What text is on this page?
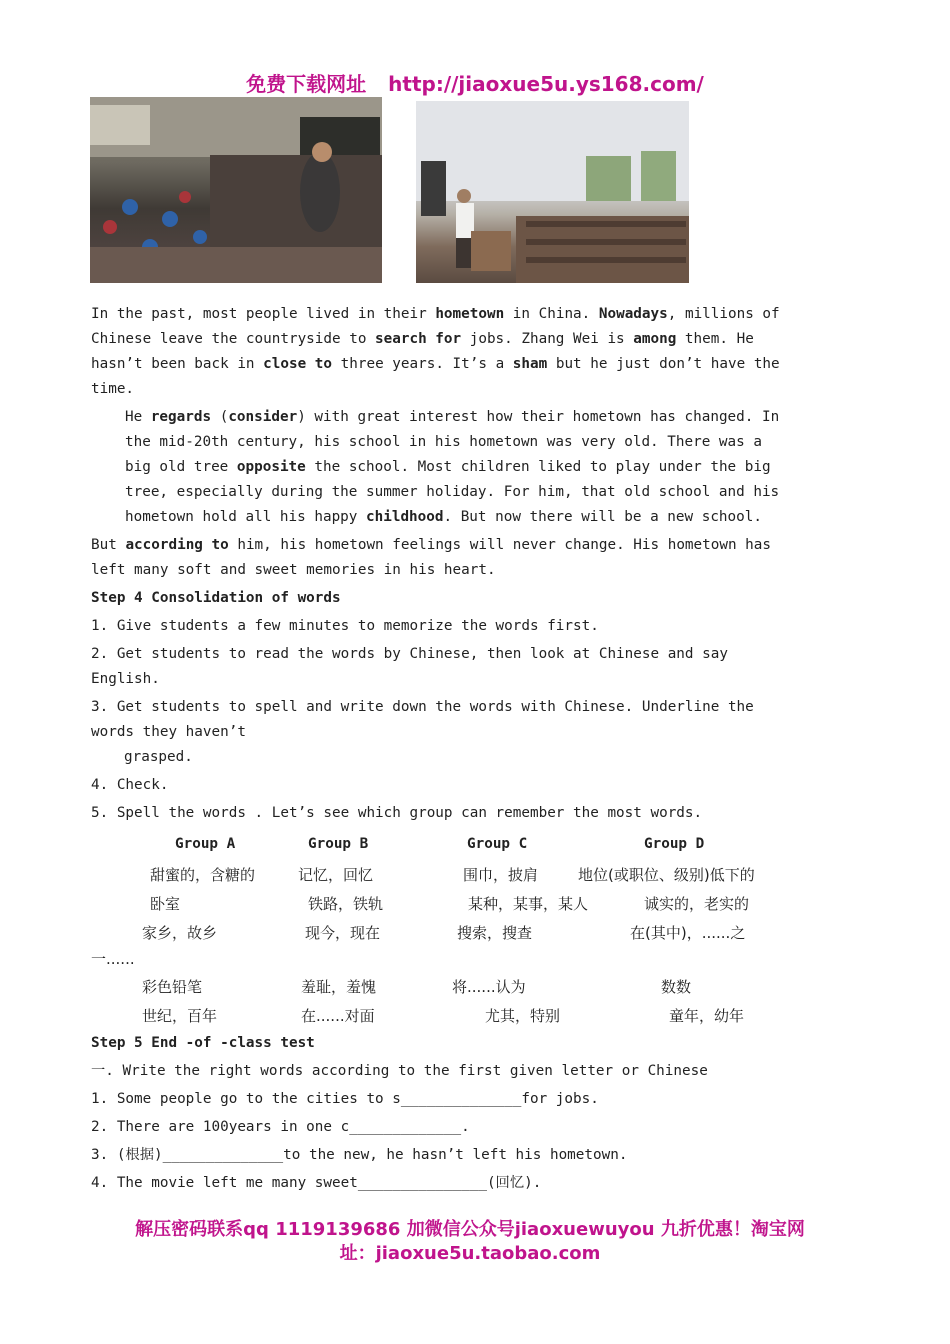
免费下载网址 http://jiaoxue5u.ys168.com/

In the past, most people lived in their hometown in China. Nowadays, millions of Chinese leave the countryside to search for jobs. Zhang Wei is among them. He hasn’t been back in close to three years. It’s a sham but he just don’t have the time.

He regards (consider) with great interest how their hometown has changed. In the mid-20th century, his school in his hometown was very old. There was a big old tree opposite the school. Most children liked to play under the big tree, especially during the summer holiday. For him, that old school and his hometown hold all his happy childhood. But now there will be a new school.

But according to him, his hometown feelings will never change. His hometown has left many soft and sweet memories in his heart.

Step 4 Consolidation of words

1. Give students a few minutes to memorize the words first.

2. Get students to read the words by Chinese, then look at Chinese and say English.

3. Get students to spell and write down the words with Chinese. Underline the words they haven’t

grasped.

4. Check.

5. Spell the words . Let’s see which group can remember the most words.

Group A	Group B	Group C	Group D
甜蜜的，含糖的	记忆，回忆	围巾，披肩	地位(或职位、级别)低下的
卧室	铁路，铁轨	某种，某事，某人	诚实的，老实的
家乡，故乡	现今，现在	搜索，搜查	在(其中)，......之
一......
彩色铅笔	羞耻，羞愧	将......认为	数数
世纪，百年	在......对面	尤其，特别	童年，幼年

Step 5 End -of -class test

一. Write the right words according to the first given letter or Chinese

1. Some people go to the cities to s______________for jobs.

2. There are 100years in one c_____________.

3. (根据)______________to the new, he hasn’t left his hometown.

4. The movie left me many sweet_______________(回忆).

解压密码联系qq 1119139686 加微信公众号jiaoxuewuyou 九折优惠！淘宝网
址：jiaoxue5u.taobao.com
